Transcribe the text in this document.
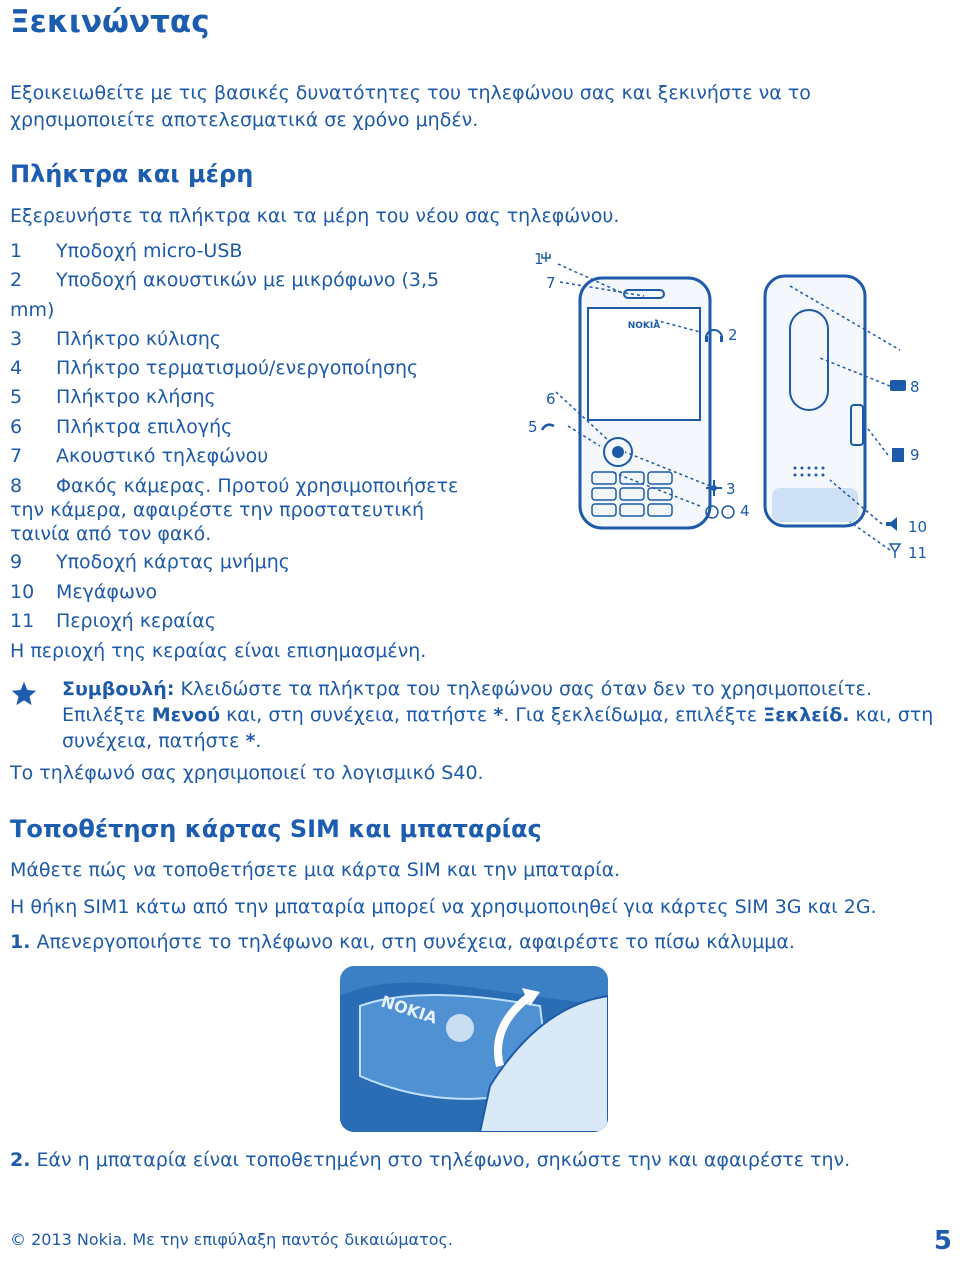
Ξεκινώντας
Εξοικειωθείτε με τις βασικές δυνατότητες του τηλεφώνου σας και ξεκινήστε να το χρησιμοποιείτε αποτελεσματικά σε χρόνο μηδέν.
Πλήκτρα και μέρη
Εξερευνήστε τα πλήκτρα και τα μέρη του νέου σας τηλεφώνου.
1	Υποδοχή micro-USB
2 Υποδοχή ακουστικών με μικρόφωνο (3,5 mm)
3	Πλήκτρο κύλισης
4	Πλήκτρο τερματισμού/ενεργοποίησης
5	Πλήκτρο κλήσης
6	Πλήκτρα επιλογής
7	Ακουστικό τηλεφώνου
8 Φακός κάμερας. Προτού χρησιμοποιήσετε την κάμερα, αφαιρέστε την προστατευτική ταινία από τον φακό.
9	Υποδοχή κάρτας μνήμης
10	Μεγάφωνο
11	Περιοχή κεραίας
Η περιοχή της κεραίας είναι επισημασμένη.
NOKIA
1
2
3
4
5
6
7
8
9
10
11
Συμβουλή: Κλειδώστε τα πλήκτρα του τηλεφώνου σας όταν δεν το χρησιμοποιείτε. Επιλέξτε Μενού και, στη συνέχεια, πατήστε *. Για ξεκλείδωμα, επιλέξτε Ξεκλείδ. και, στη συνέχεια, πατήστε *.
Το τηλέφωνό σας χρησιμοποιεί το λογισμικό S40.
Τοποθέτηση κάρτας SIM και μπαταρίας
Μάθετε πώς να τοποθετήσετε μια κάρτα SIM και την μπαταρία.
Η θήκη SIM1 κάτω από την μπαταρία μπορεί να χρησιμοποιηθεί για κάρτες SIM 3G και 2G.
1. Απενεργοποιήστε το τηλέφωνο και, στη συνέχεια, αφαιρέστε το πίσω κάλυμμα.
NOKIA
2. Εάν η μπαταρία είναι τοποθετημένη στο τηλέφωνο, σηκώστε την και αφαιρέστε την.
© 2013 Nokia. Με την επιφύλαξη παντός δικαιώματος.	5
